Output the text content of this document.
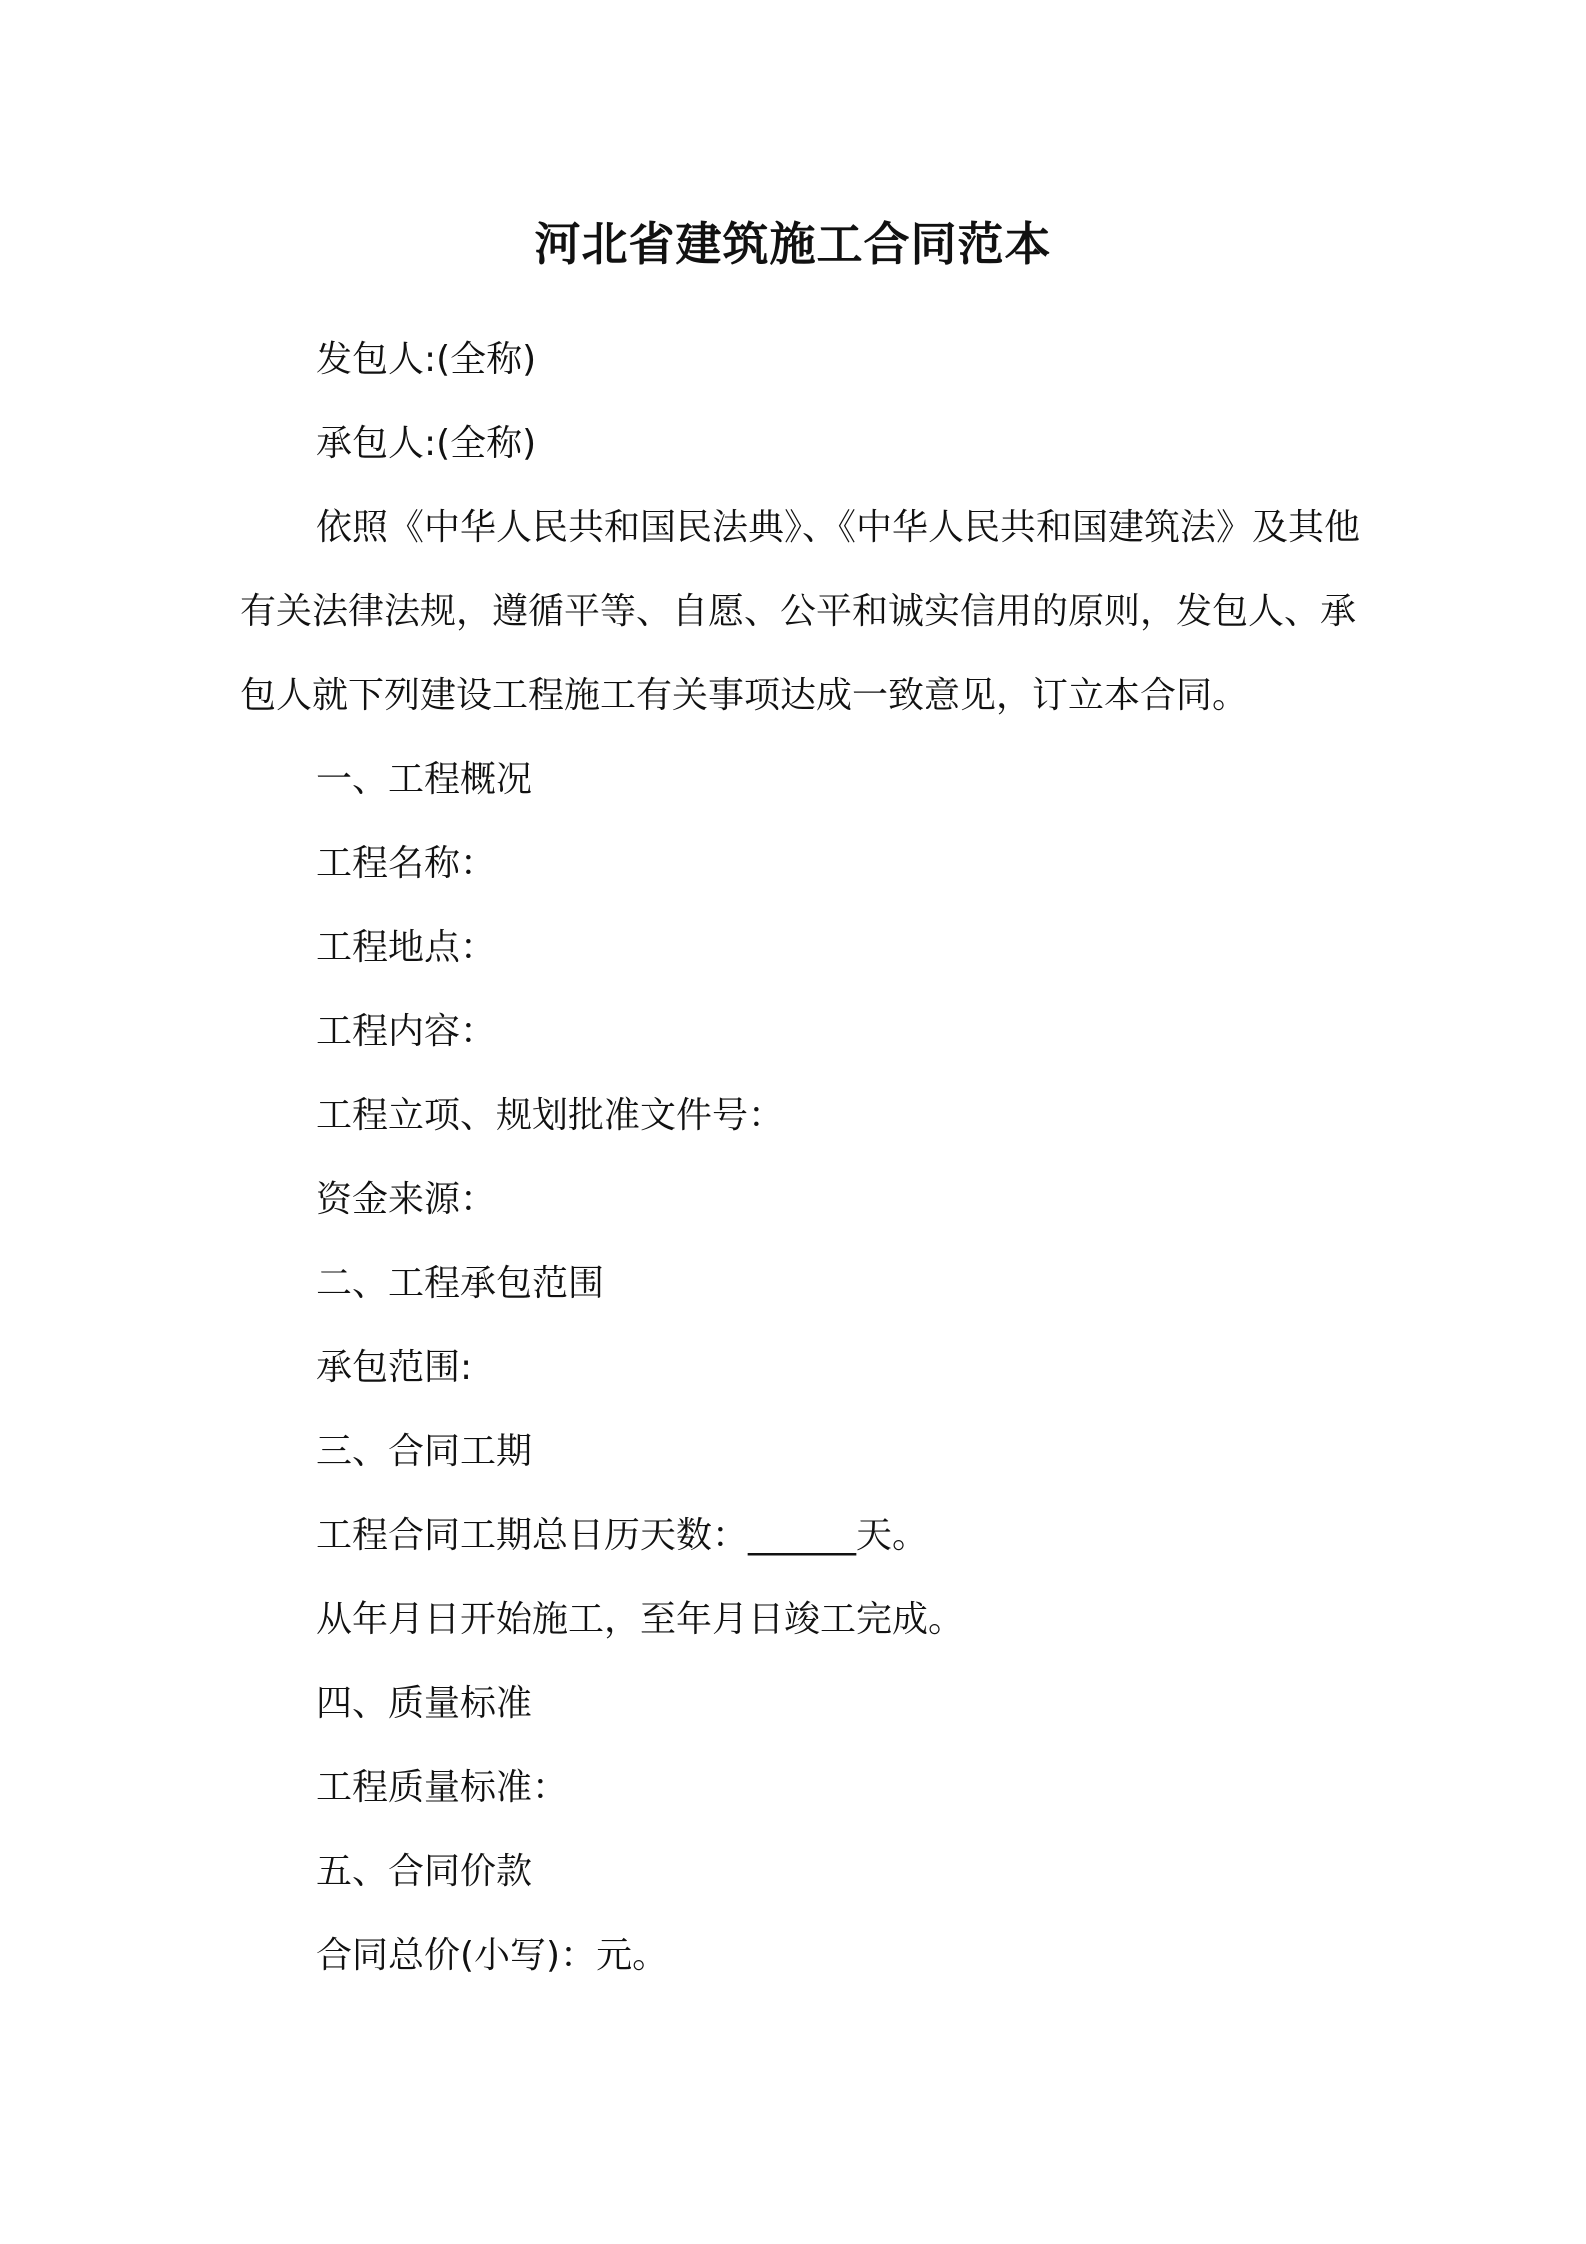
河北省建筑施工合同范本

发包人:(全称)

承包人:(全称)

依照《中华人民共和国民法典》、《中华人民共和国建筑法》及其他有关法律法规，遵循平等、自愿、公平和诚实信用的原则，发包人、承包人就下列建设工程施工有关事项达成一致意见，订立本合同。

一、工程概况

工程名称：

工程地点：

工程内容：

工程立项、规划批准文件号：

资金来源：

二、工程承包范围

承包范围:

三、合同工期

工程合同工期总日历天数：______天。

从年月日开始施工，至年月日竣工完成。

四、质量标准

工程质量标准：

五、合同价款

合同总价(小写)：元。
